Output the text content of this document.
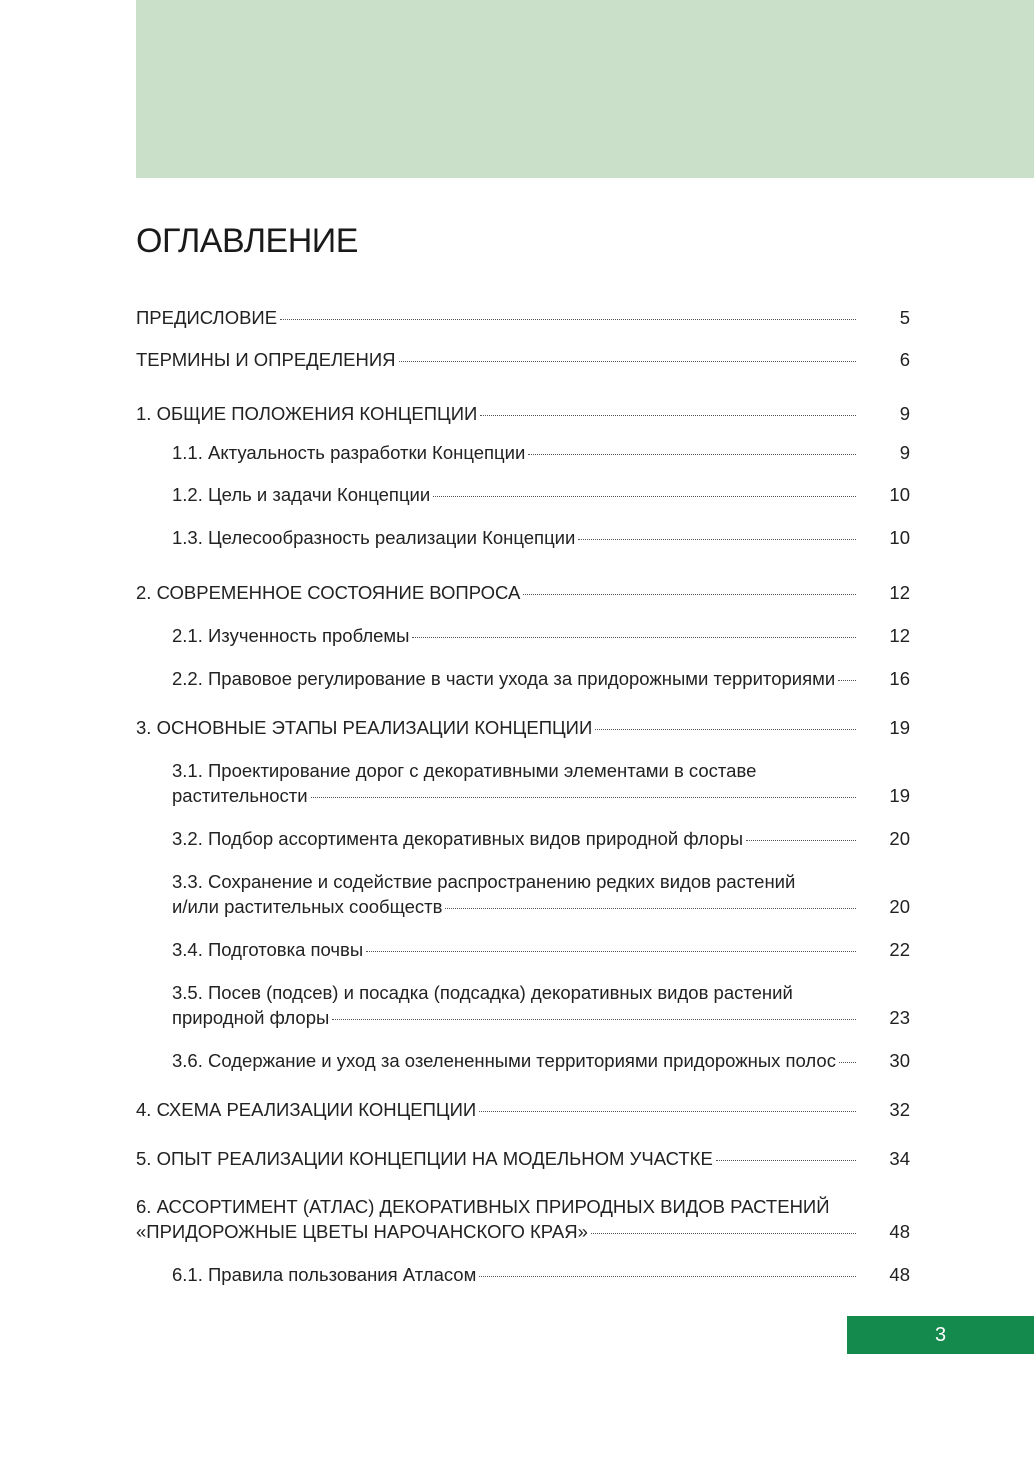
ОГЛАВЛЕНИЕ
ПРЕДИСЛОВИЕ	5
ТЕРМИНЫ И ОПРЕДЕЛЕНИЯ	6
1. ОБЩИЕ ПОЛОЖЕНИЯ КОНЦЕПЦИИ	9
1.1. Актуальность разработки Концепции	9
1.2. Цель и задачи Концепции	10
1.3. Целесообразность реализации Концепции	10
2. СОВРЕМЕННОЕ СОСТОЯНИЕ ВОПРОСА	12
2.1. Изученность проблемы	12
2.2. Правовое регулирование в части ухода за придорожными территориями	16
3. ОСНОВНЫЕ ЭТАПЫ РЕАЛИЗАЦИИ КОНЦЕПЦИИ	19
3.1. Проектирование дорог с декоративными элементами в составе
растительности	19
3.2. Подбор ассортимента декоративных видов природной флоры	20
3.3. Сохранение и содействие распространению редких видов растений
и/или растительных сообществ	20
3.4. Подготовка почвы	22
3.5. Посев (подсев) и посадка (подсадка) декоративных видов растений
природной флоры	23
3.6. Содержание и уход за озелененными территориями придорожных полос	30
4. СХЕМА РЕАЛИЗАЦИИ КОНЦЕПЦИИ	32
5. ОПЫТ РЕАЛИЗАЦИИ КОНЦЕПЦИИ НА МОДЕЛЬНОМ УЧАСТКЕ	34
6. АССОРТИМЕНТ (АТЛАС) ДЕКОРАТИВНЫХ ПРИРОДНЫХ ВИДОВ РАСТЕНИЙ
«ПРИДОРОЖНЫЕ ЦВЕТЫ НАРОЧАНСКОГО КРАЯ»	48
6.1. Правила пользования Атласом	48
3
